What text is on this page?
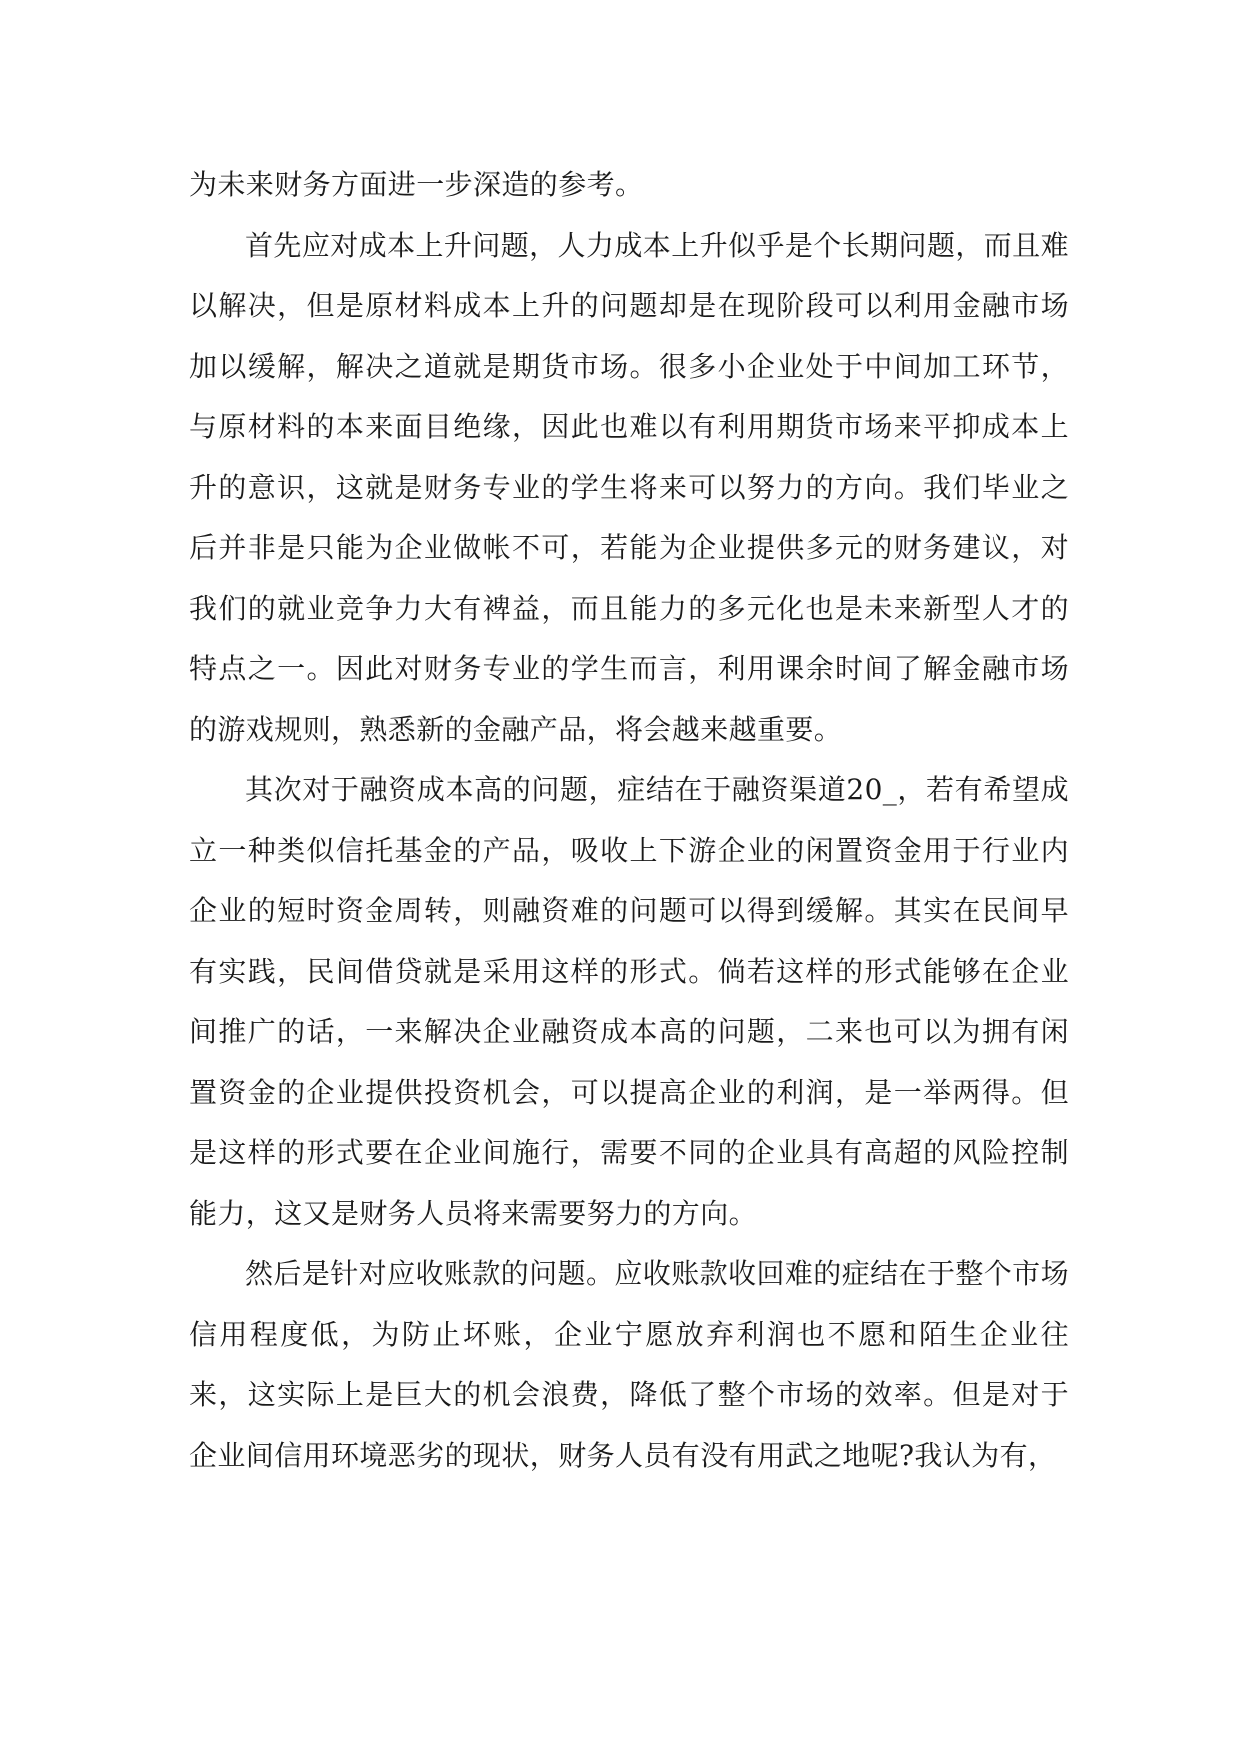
为未来财务方面进一步深造的参考。

首先应对成本上升问题，人力成本上升似乎是个长期问题，而且难以解决，但是原材料成本上升的问题却是在现阶段可以利用金融市场加以缓解，解决之道就是期货市场。很多小企业处于中间加工环节，与原材料的本来面目绝缘，因此也难以有利用期货市场来平抑成本上升的意识，这就是财务专业的学生将来可以努力的方向。我们毕业之后并非是只能为企业做帐不可，若能为企业提供多元的财务建议，对我们的就业竞争力大有裨益，而且能力的多元化也是未来新型人才的特点之一。因此对财务专业的学生而言，利用课余时间了解金融市场的游戏规则，熟悉新的金融产品，将会越来越重要。

其次对于融资成本高的问题，症结在于融资渠道20_，若有希望成立一种类似信托基金的产品，吸收上下游企业的闲置资金用于行业内企业的短时资金周转，则融资难的问题可以得到缓解。其实在民间早有实践，民间借贷就是采用这样的形式。倘若这样的形式能够在企业间推广的话，一来解决企业融资成本高的问题，二来也可以为拥有闲置资金的企业提供投资机会，可以提高企业的利润，是一举两得。但是这样的形式要在企业间施行，需要不同的企业具有高超的风险控制能力，这又是财务人员将来需要努力的方向。

然后是针对应收账款的问题。应收账款收回难的症结在于整个市场信用程度低，为防止坏账，企业宁愿放弃利润也不愿和陌生企业往来，这实际上是巨大的机会浪费，降低了整个市场的效率。但是对于企业间信用环境恶劣的现状，财务人员有没有用武之地呢?我认为有，
